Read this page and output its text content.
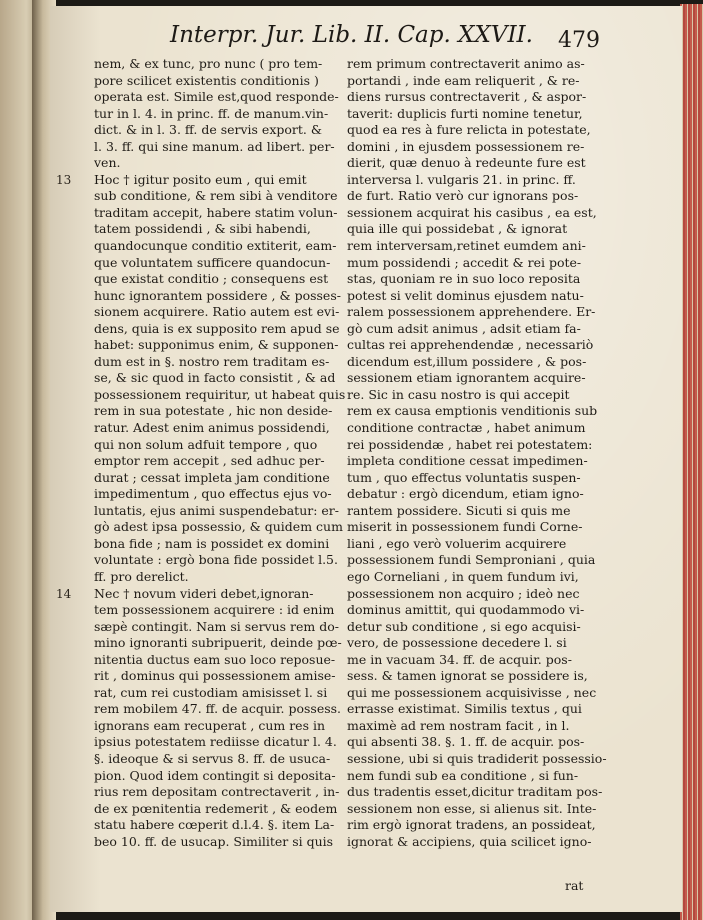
Interpr. Jur. Lib. II. Cap. XXVII. 479
nem, & ex tunc, pro nunc ( pro tem-
pore scilicet existentis conditionis )
operata est. Simile est,quod responde-
tur in l. 4. in princ. ff. de manum.vin-
dict. & in l. 3. ff. de servis export. &
l. 3. ff. qui sine manum. ad libert. per-
ven.
Hoc † igitur posito eum , qui emit
13
sub conditione, & rem sibi à venditore
traditam accepit, habere statim volun-
tatem possidendi , & sibi habendi,
quandocunque conditio extiterit, eam-
que voluntatem sufficere quandocun-
que existat conditio ; consequens est
hunc ignorantem possidere , & posses-
sionem acquirere. Ratio autem est evi-
dens, quia is ex supposito rem apud se
habet: supponimus enim, & supponen-
dum est in §. nostro rem traditam es-
se, & sic quod in facto consistit , & ad
possessionem requiritur, ut habeat quis
rem in sua potestate , hic non deside-
ratur. Adest enim animus possidendi,
qui non solum adfuit tempore , quo
emptor rem accepit , sed adhuc per-
durat ; cessat impleta jam conditione
impedimentum , quo effectus ejus vo-
luntatis, ejus animi suspendebatur: er-
gò adest ipsa possessio, & quidem cum
bona fide ; nam is possidet ex domini
voluntate : ergò bona fide possidet l.5.
ff. pro derelict.
Nec † novum videri debet,ignoran-
14
tem possessionem acquirere : id enim
sæpè contingit. Nam si servus rem do-
mino ignoranti subripuerit, deinde pœ-
nitentia ductus eam suo loco reposue-
rit , dominus qui possessionem amise-
rat, cum rei custodiam amisisset l. si
rem mobilem 47. ff. de acquir. possess.
ignorans eam recuperat , cum res in
ipsius potestatem rediisse dicatur l. 4.
§. ideoque & si servus 8. ff. de usuca-
pion. Quod idem contingit si deposita-
rius rem depositam contrectaverit , in-
de ex pœnitentia redemerit , & eodem
statu habere cœperit d.l.4. §. item La-
beo 10. ff. de usucap. Similiter si quis
rem primum contrectaverit animo as-
portandi , inde eam reliquerit , & re-
diens rursus contrectaverit , & aspor-
taverit: duplicis furti nomine tenetur,
quod ea res à fure relicta in potestate,
domini , in ejusdem possessionem re-
dierit, quæ denuo à redeunte fure est
interversa l. vulgaris 21. in princ. ff.
de furt. Ratio verò cur ignorans pos-
sessionem acquirat his casibus , ea est,
quia ille qui possidebat , & ignorat
rem interversam,retinet eumdem ani-
mum possidendi ; accedit & rei pote-
stas, quoniam re in suo loco reposita
potest si velit dominus ejusdem natu-
ralem possessionem apprehendere. Er-
gò cum adsit animus , adsit etiam fa-
cultas rei apprehendendæ , necessariò
dicendum est,illum possidere , & pos-
sessionem etiam ignorantem acquire-
re. Sic in casu nostro is qui accepit
rem ex causa emptionis venditionis sub
conditione contractæ , habet animum
rei possidendæ , habet rei potestatem:
impleta conditione cessat impedimen-
tum , quo effectus voluntatis suspen-
debatur : ergò dicendum, etiam igno-
rantem possidere. Sicuti si quis me
miserit in possessionem fundi Corne-
liani , ego verò voluerim acquirere
possessionem fundi Semproniani , quia
ego Corneliani , in quem fundum ivi,
possessionem non acquiro ; ideò nec
dominus amittit, qui quodammodo vi-
detur sub conditione , si ego acquisi-
vero, de possessione decedere l. si
me in vacuam 34. ff. de acquir. pos-
sess. & tamen ignorat se possidere is,
qui me possessionem acquisivisse , nec
errasse existimat. Similis textus , qui
maximè ad rem nostram facit , in l.
qui absenti 38. §. 1. ff. de acquir. pos-
sessione, ubi si quis tradiderit possessio-
nem fundi sub ea conditione , si fun-
dus tradentis esset,dicitur traditam pos-
sessionem non esse, si alienus sit. Inte-
rim ergò ignorat tradens, an possideat,
ignorat & accipiens, quia scilicet igno-
rat
